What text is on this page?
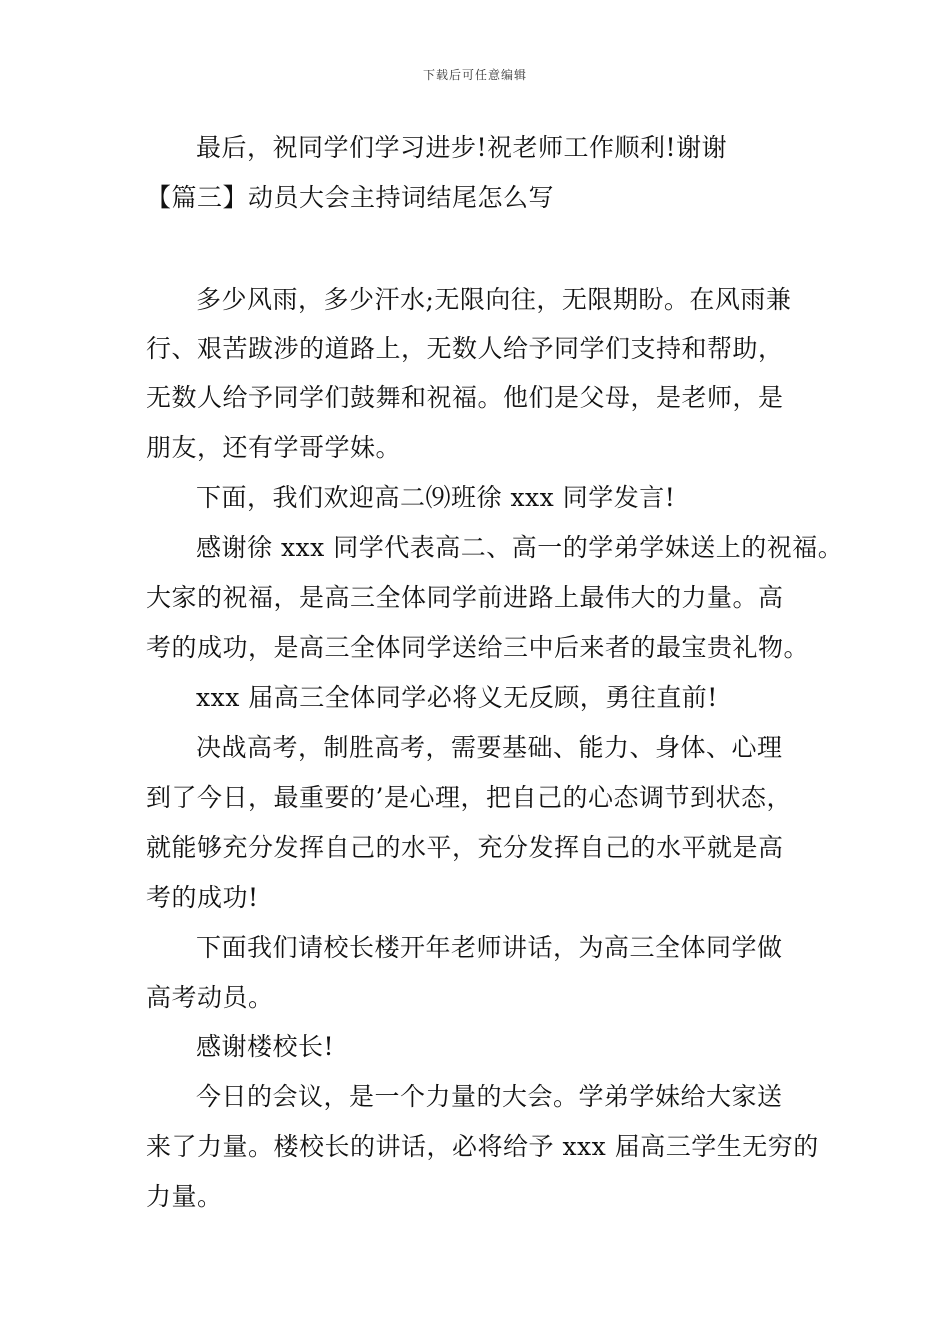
下载后可任意编辑
最后，祝同学们学习进步!祝老师工作顺利!谢谢
【篇三】动员大会主持词结尾怎么写
多少风雨，多少汗水;无限向往，无限期盼。在风雨兼
行、艰苦跋涉的道路上，无数人给予同学们支持和帮助，
无数人给予同学们鼓舞和祝福。他们是父母，是老师，是
朋友，还有学哥学妹。
下面，我们欢迎高二⑼班徐 xxx 同学发言!
感谢徐 xxx 同学代表高二、高一的学弟学妹送上的祝福。
大家的祝福，是高三全体同学前进路上最伟大的力量。高
考的成功，是高三全体同学送给三中后来者的最宝贵礼物。
xxx 届高三全体同学必将义无反顾，勇往直前!
决战高考，制胜高考，需要基础、能力、身体、心理
到了今日，最重要的’是心理，把自己的心态调节到状态，
就能够充分发挥自己的水平，充分发挥自己的水平就是高
考的成功!
下面我们请校长楼开年老师讲话，为高三全体同学做
高考动员。
感谢楼校长!
今日的会议，是一个力量的大会。学弟学妹给大家送
来了力量。楼校长的讲话，必将给予 xxx 届高三学生无穷的
力量。
